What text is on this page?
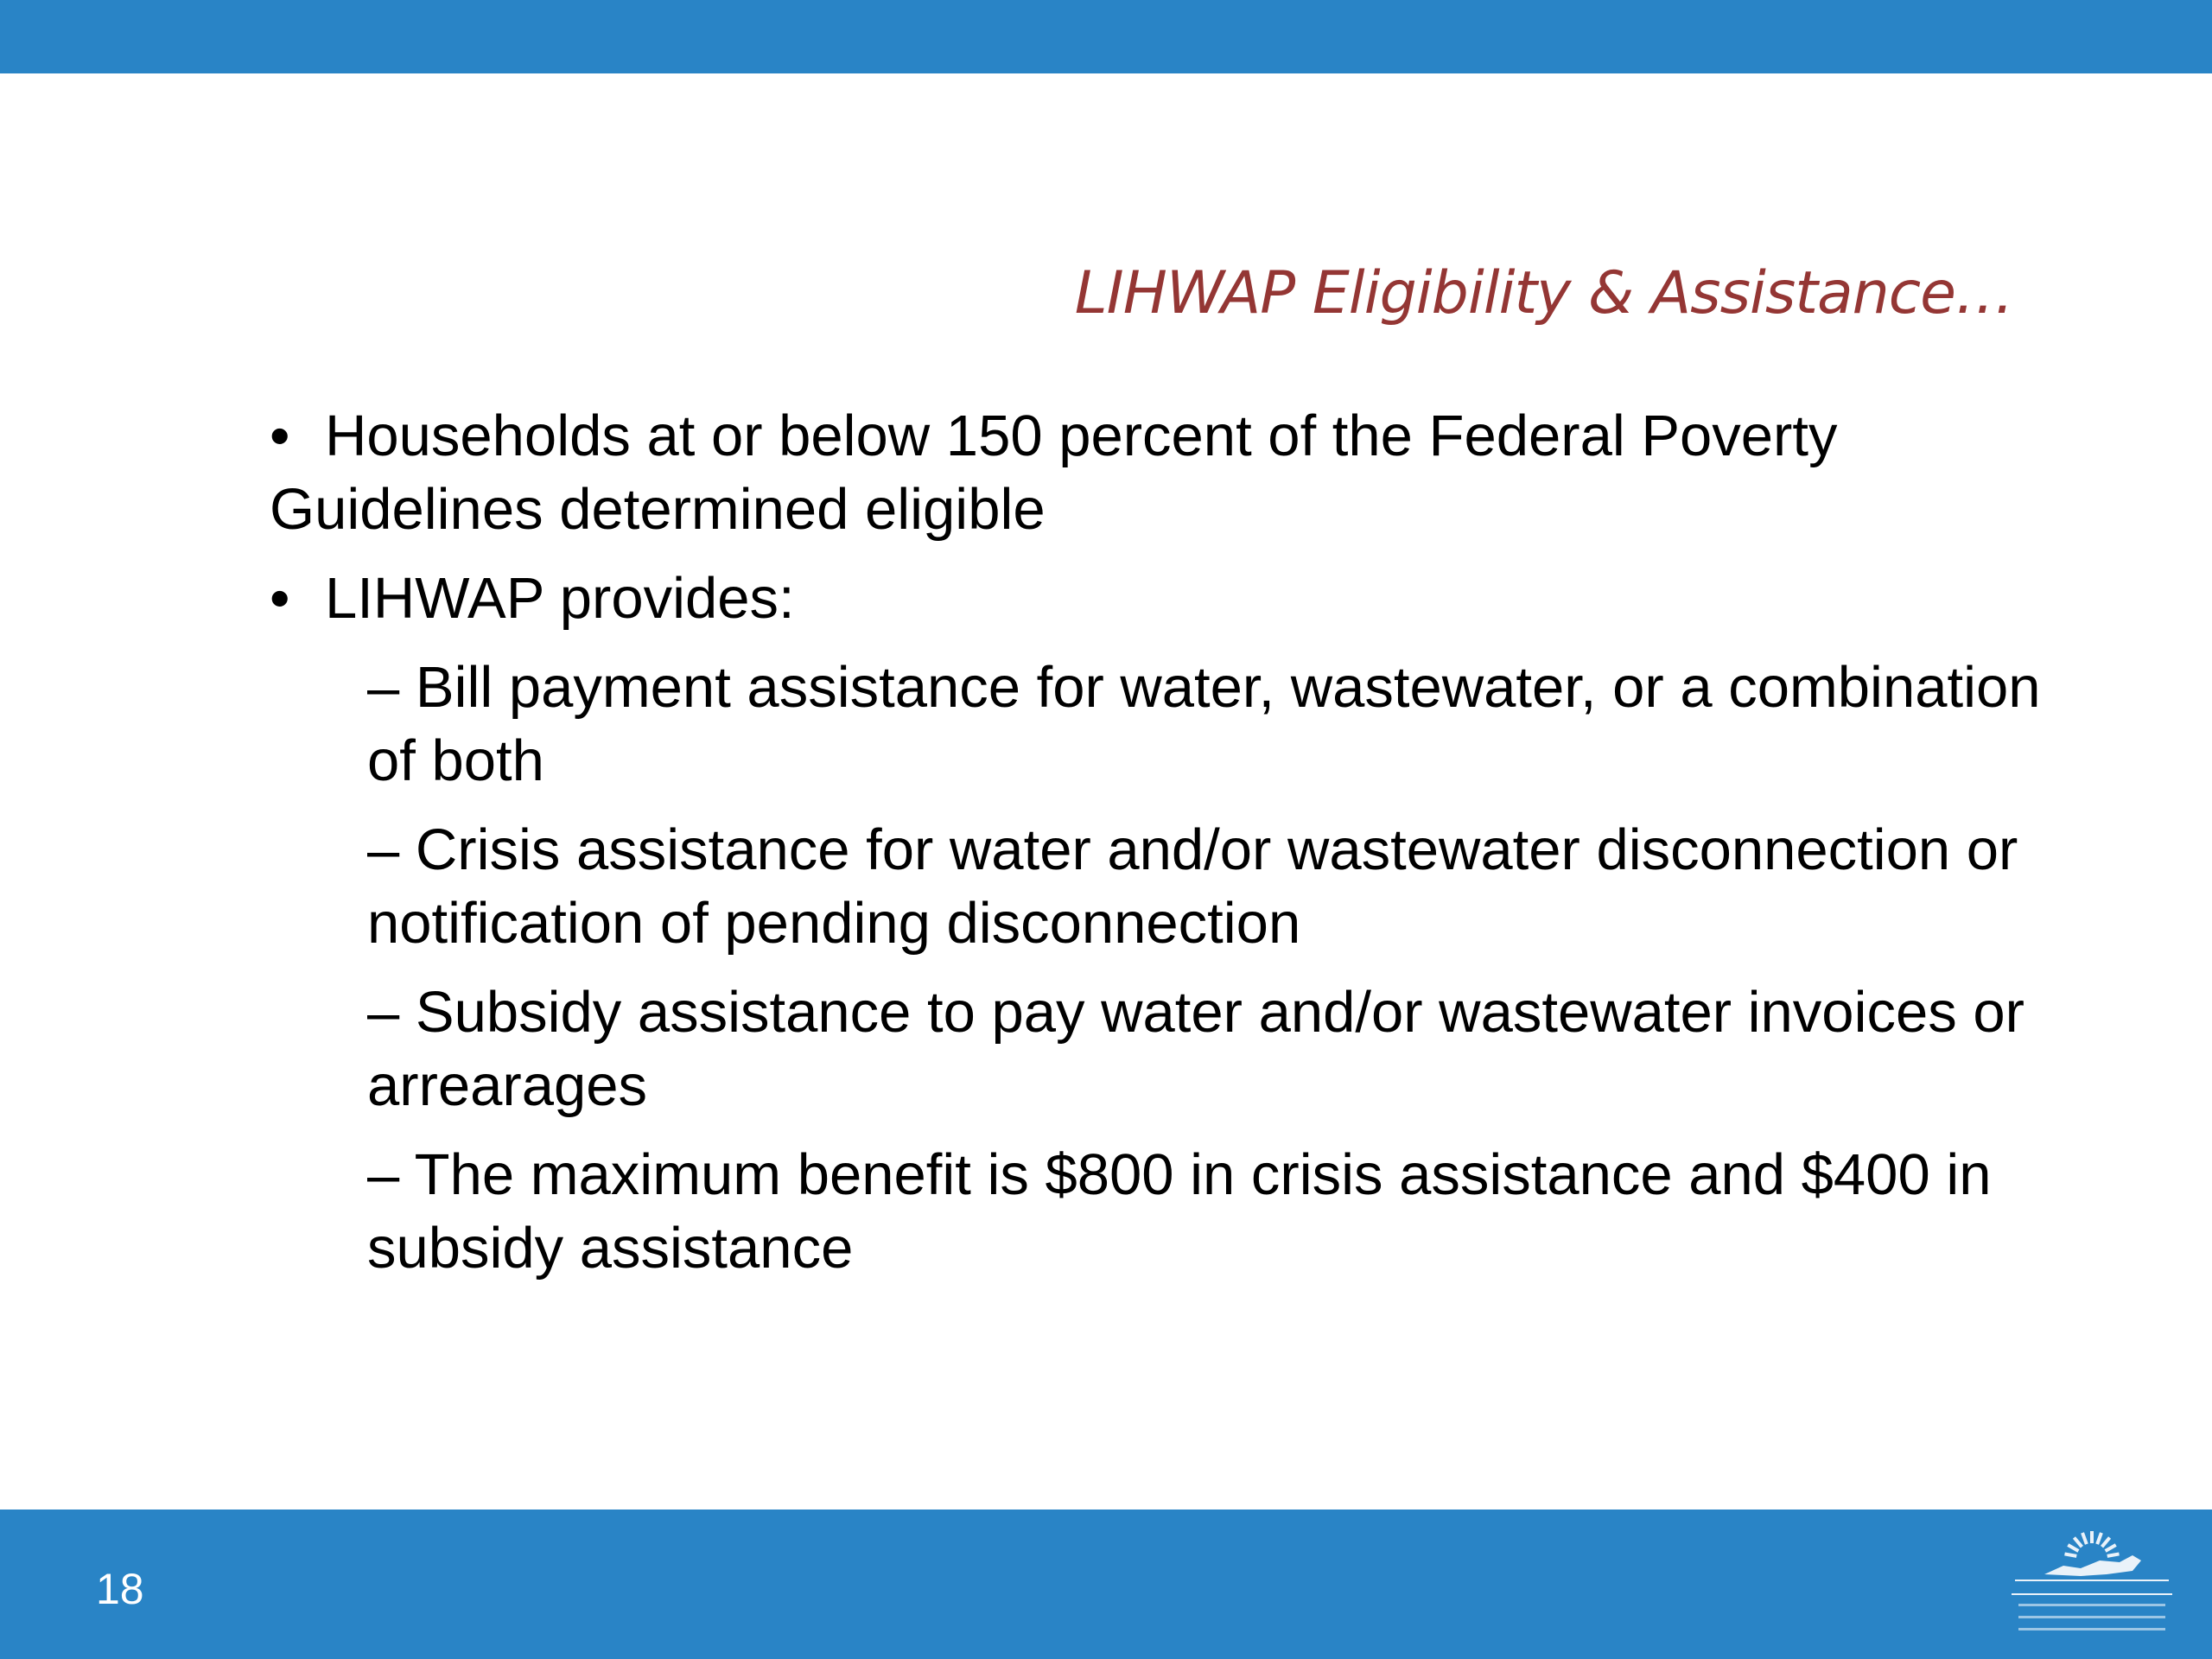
LIHWAP Eligibility & Assistance…
• Households at or below 150 percent of the Federal Poverty Guidelines determined eligible
• LIHWAP provides:
– Bill payment assistance for water, wastewater, or a combination of both
– Crisis assistance for water and/or wastewater disconnection or notification of pending disconnection
– Subsidy assistance to pay water and/or wastewater invoices or arrearages
– The maximum benefit is $800 in crisis assistance and $400 in subsidy assistance
18
